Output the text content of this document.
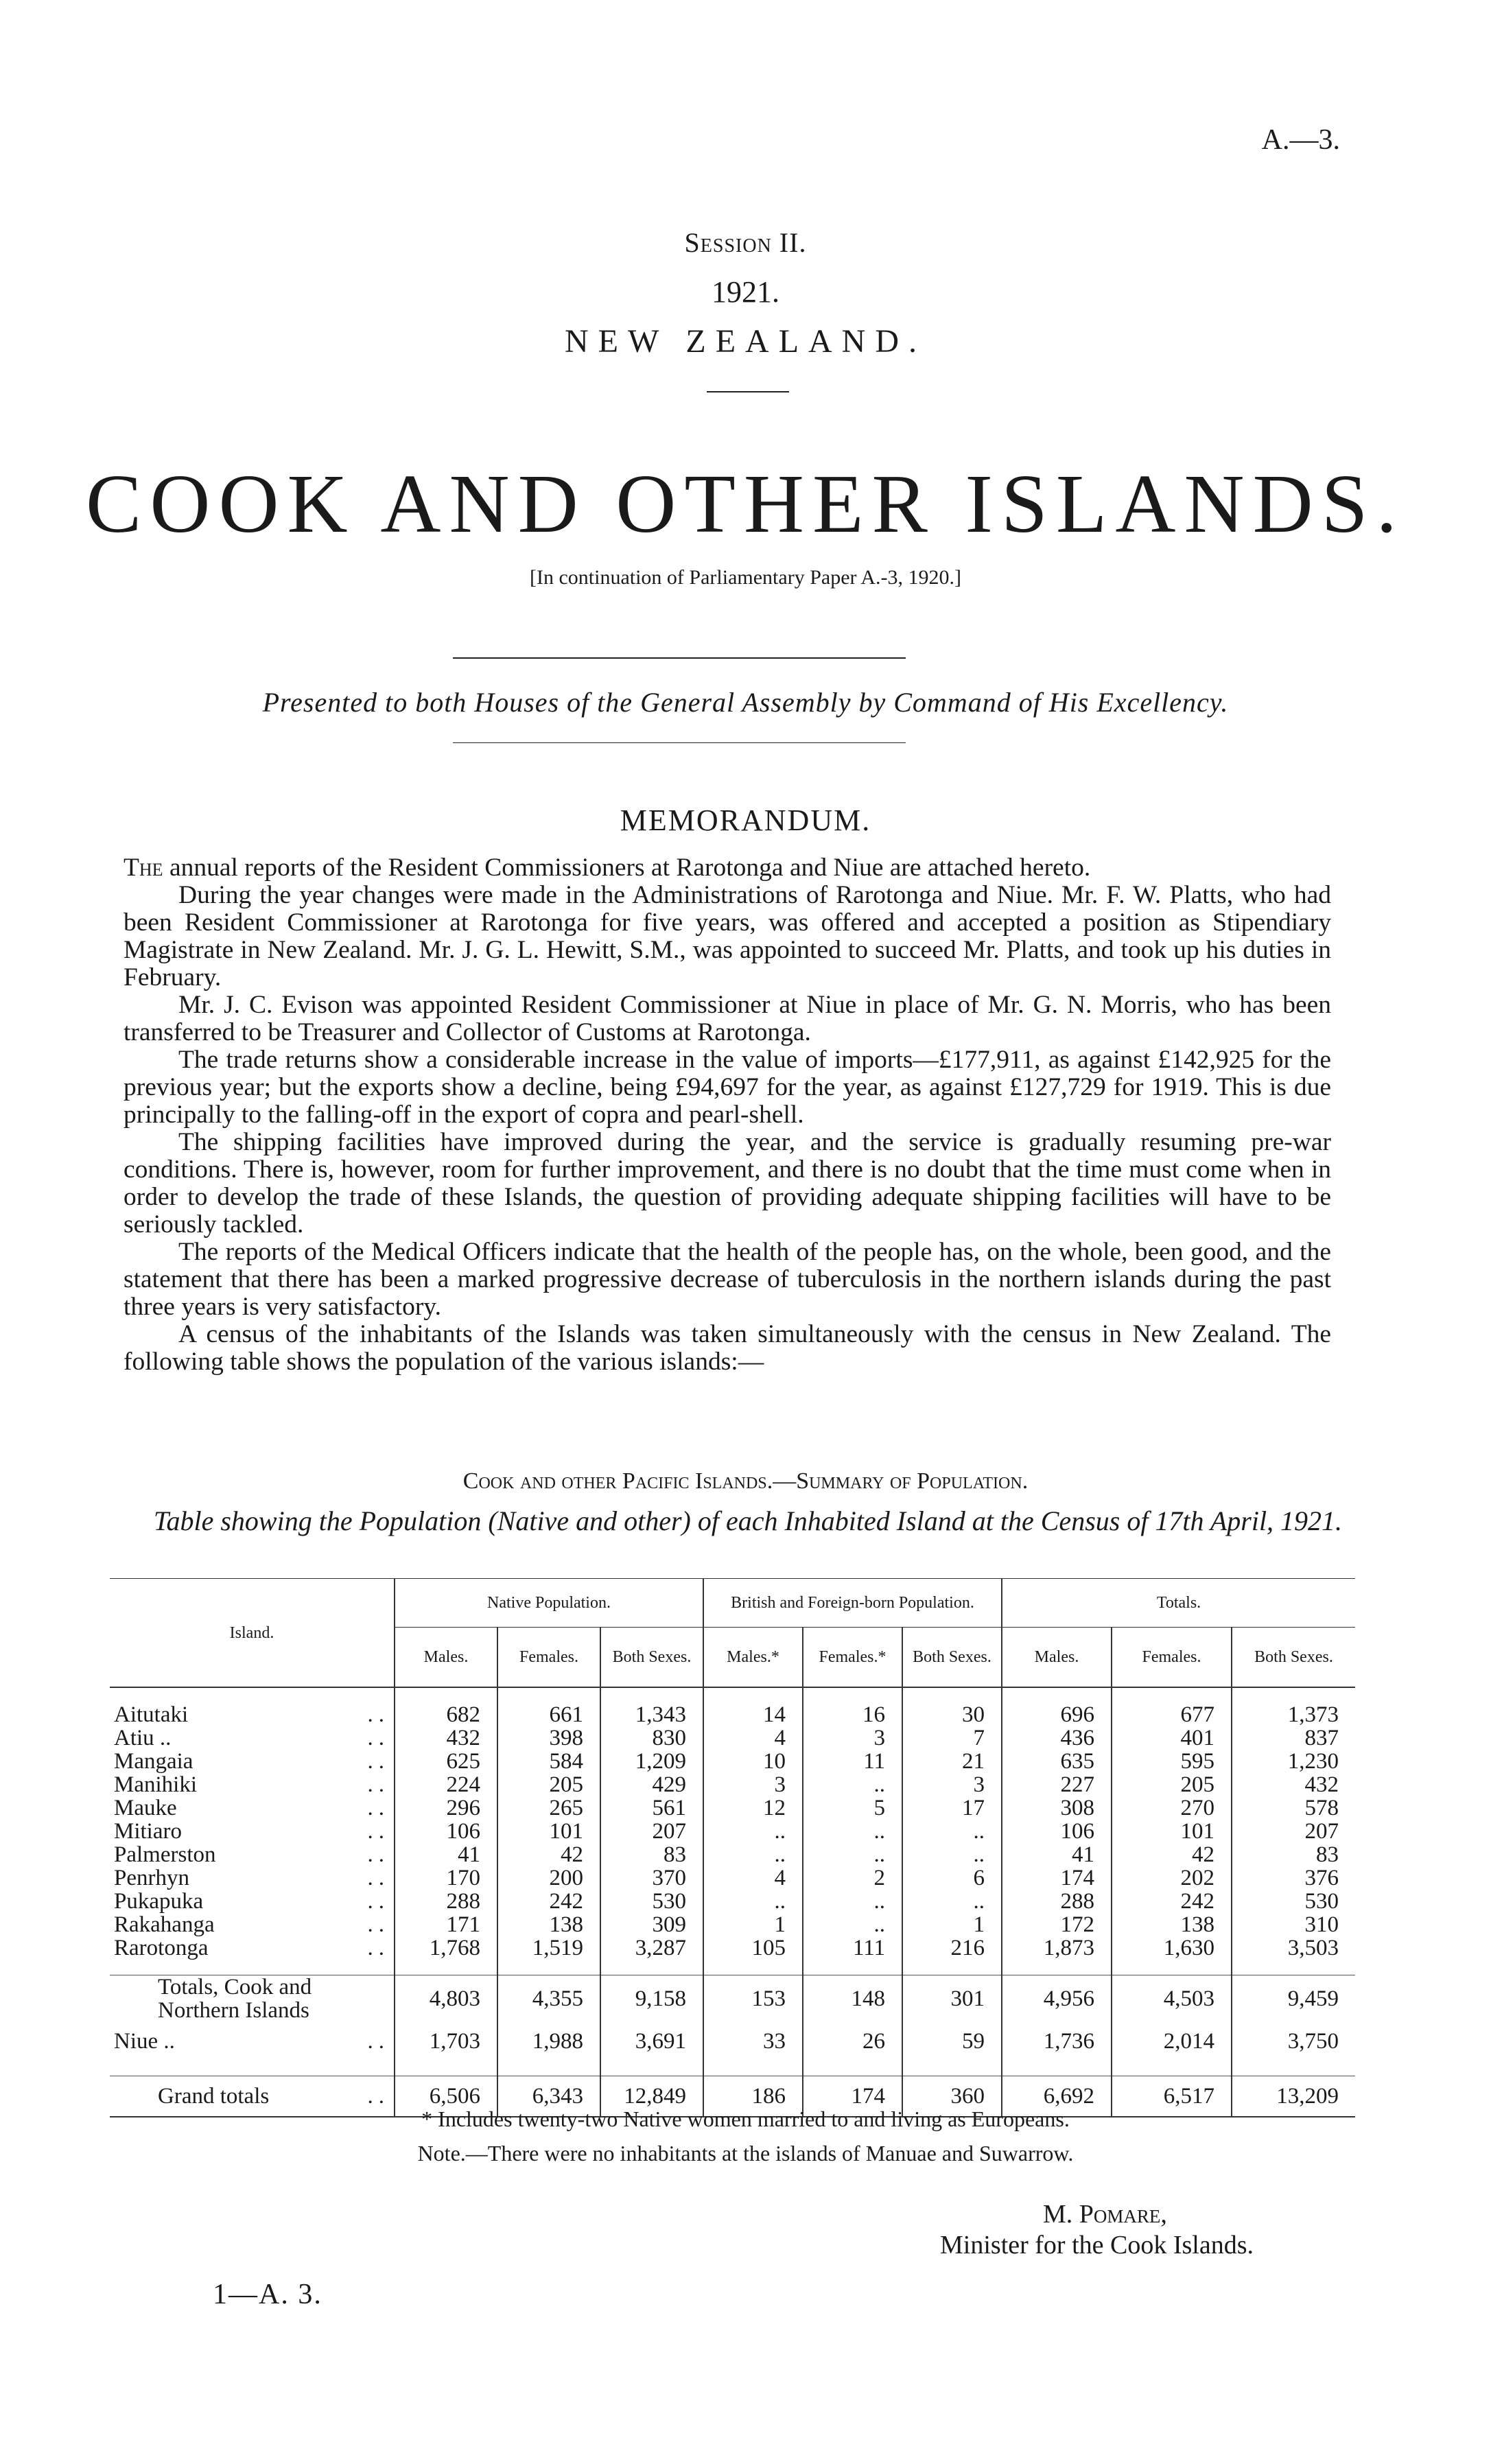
A.—3.
Session II.
1921.
NEW ZEALAND.
COOK AND OTHER ISLANDS.
[In continuation of Parliamentary Paper A.-3, 1920.]
Presented to both Houses of the General Assembly by Command of His Excellency.
MEMORANDUM.

The annual reports of the Resident Commissioners at Rarotonga and Niue are attached hereto.

During the year changes were made in the Administrations of Rarotonga and Niue. Mr. F. W. Platts, who had been Resident Commissioner at Rarotonga for five years, was offered and accepted a position as Stipendiary Magistrate in New Zealand. Mr. J. G. L. Hewitt, S.M., was appointed to succeed Mr. Platts, and took up his duties in February.

Mr. J. C. Evison was appointed Resident Commissioner at Niue in place of Mr. G. N. Morris, who has been transferred to be Treasurer and Collector of Customs at Rarotonga.

The trade returns show a considerable increase in the value of imports—£177,911, as against £142,925 for the previous year; but the exports show a decline, being £94,697 for the year, as against £127,729 for 1919. This is due principally to the falling-off in the export of copra and pearl-shell.

The shipping facilities have improved during the year, and the service is gradually resuming pre-war conditions. There is, however, room for further improvement, and there is no doubt that the time must come when in order to develop the trade of these Islands, the question of providing adequate shipping facilities will have to be seriously tackled.

The reports of the Medical Officers indicate that the health of the people has, on the whole, been good, and the statement that there has been a marked progressive decrease of tuberculosis in the northern islands during the past three years is very satisfactory.

A census of the inhabitants of the Islands was taken simultaneously with the census in New Zealand. The following table shows the population of the various islands:—

Cook and other Pacific Islands.—Summary of Population.
Table showing the Population (Native and other) of each Inhabited Island at the Census of 17th April, 1921.
Island.	Native Population.			British and Foreign-born Population.			Totals.		
	Males.	Females.	Both Sexes.	Males.*	Females.*	Both Sexes.	Males.	Females.	Both Sexes.

Aitutaki ..	682	661	1,343	14	16	30	696	677	1,373
Atiu .. ..	432	398	830	4	3	7	436	401	837
Mangaia ..	625	584	1,209	10	11	21	635	595	1,230
Manihiki ..	224	205	429	3	..	3	227	205	432
Mauke ..	296	265	561	12	5	17	308	270	578
Mitiaro ..	106	101	207	..	..	..	106	101	207
Palmerston ..	41	42	83	..	..	..	41	42	83
Penrhyn ..	170	200	370	4	2	6	174	202	376
Pukapuka ..	288	242	530	..	..	..	288	242	530
Rakahanga ..	171	138	309	1	..	1	172	138	310
Rarotonga ..	1,768	1,519	3,287	105	111	216	1,873	1,630	3,503

Totals, Cook and Northern Islands	4,803	4,355	9,158	153	148	301	4,956	4,503	9,459
Niue .. ..	1,703	1,988	3,691	33	26	59	1,736	2,014	3,750

Grand totals ..	6,506	6,343	12,849	186	174	360	6,692	6,517	13,209
* Includes twenty-two Native women married to and living as Europeans.
Note.—There were no inhabitants at the islands of Manuae and Suwarrow.
M. Pomare,
Minister for the Cook Islands.
1—A. 3.
